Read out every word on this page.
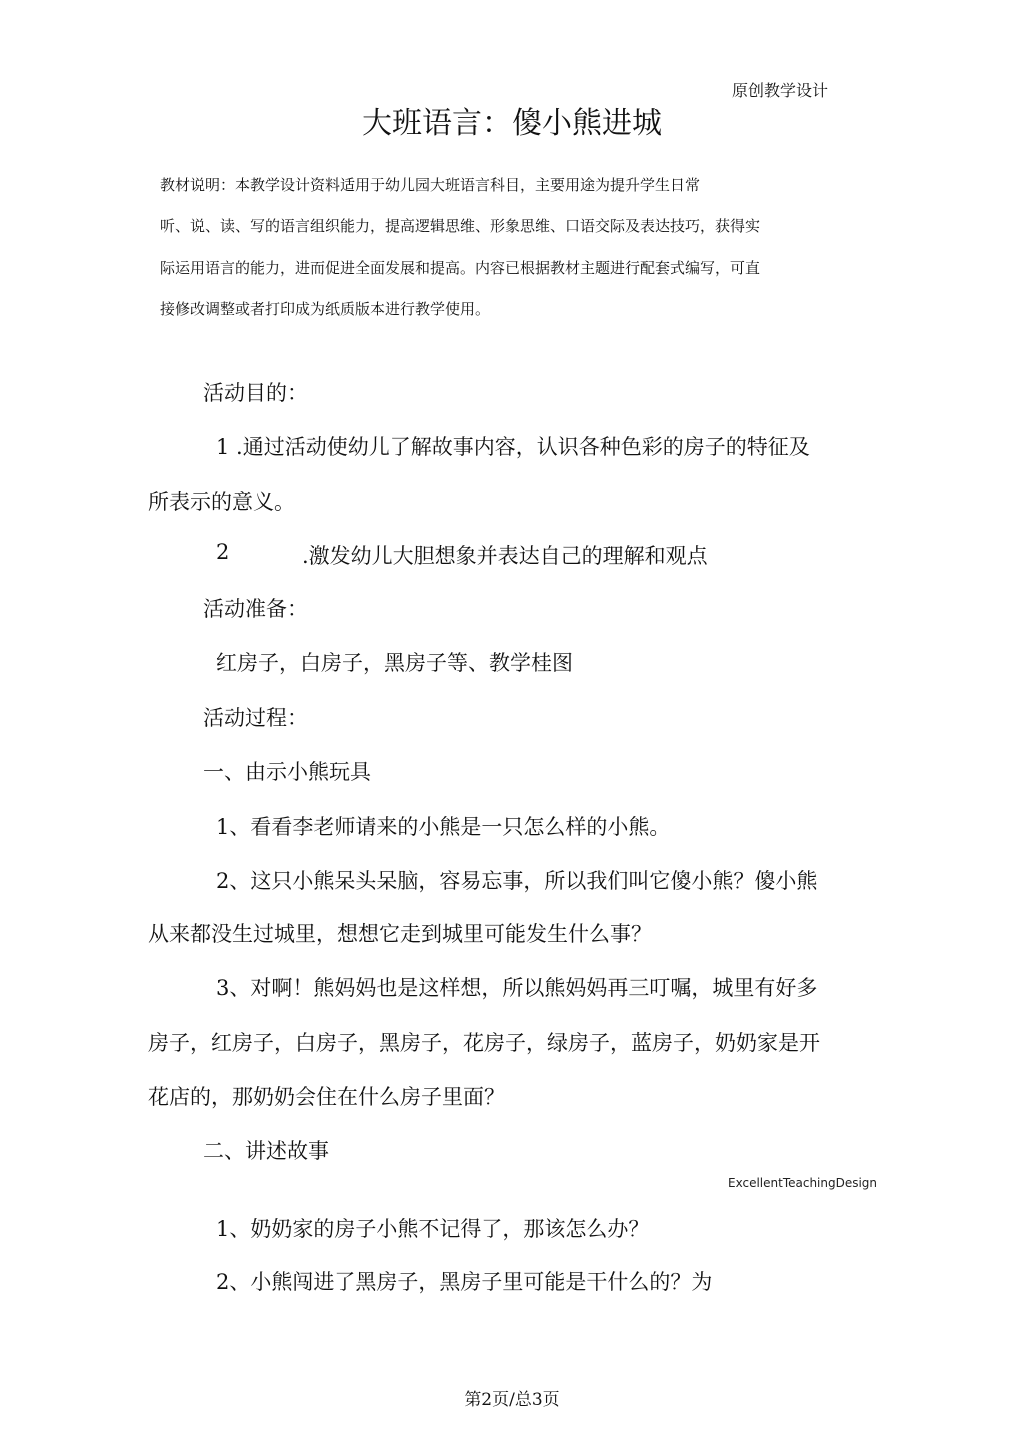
原创教学设计
大班语言：傻小熊进城
教材说明：本教学设计资料适用于幼儿园大班语言科目，主要用途为提升学生日常
听、说、读、写的语言组织能力，提高逻辑思维、形象思维、口语交际及表达技巧，获得实
际运用语言的能力，进而促进全面发展和提高。内容已根据教材主题进行配套式编写，可直
接修改调整或者打印成为纸质版本进行教学使用。
活动目的：
1 .通过活动使幼儿了解故事内容，认识各种色彩的房子的特征及
所表示的意义。
2	.激发幼儿大胆想象并表达自己的理解和观点
活动准备：
红房子，白房子，黑房子等、教学桂图
活动过程：
一、由示小熊玩具
1、看看李老师请来的小熊是一只怎么样的小熊。
2、这只小熊呆头呆脑，容易忘事，所以我们叫它傻小熊？傻小熊
从来都没生过城里，想想它走到城里可能发生什么事？
3、对啊！熊妈妈也是这样想，所以熊妈妈再三叮嘱，城里有好多
房子，红房子，白房子，黑房子，花房子，绿房子，蓝房子，奶奶家是开
花店的，那奶奶会住在什么房子里面？
二、讲述故事
ExcellentTeachingDesign
1、奶奶家的房子小熊不记得了，那该怎么办？
2、小熊闯进了黑房子，黑房子里可能是干什么的？为
第2页/总3页
